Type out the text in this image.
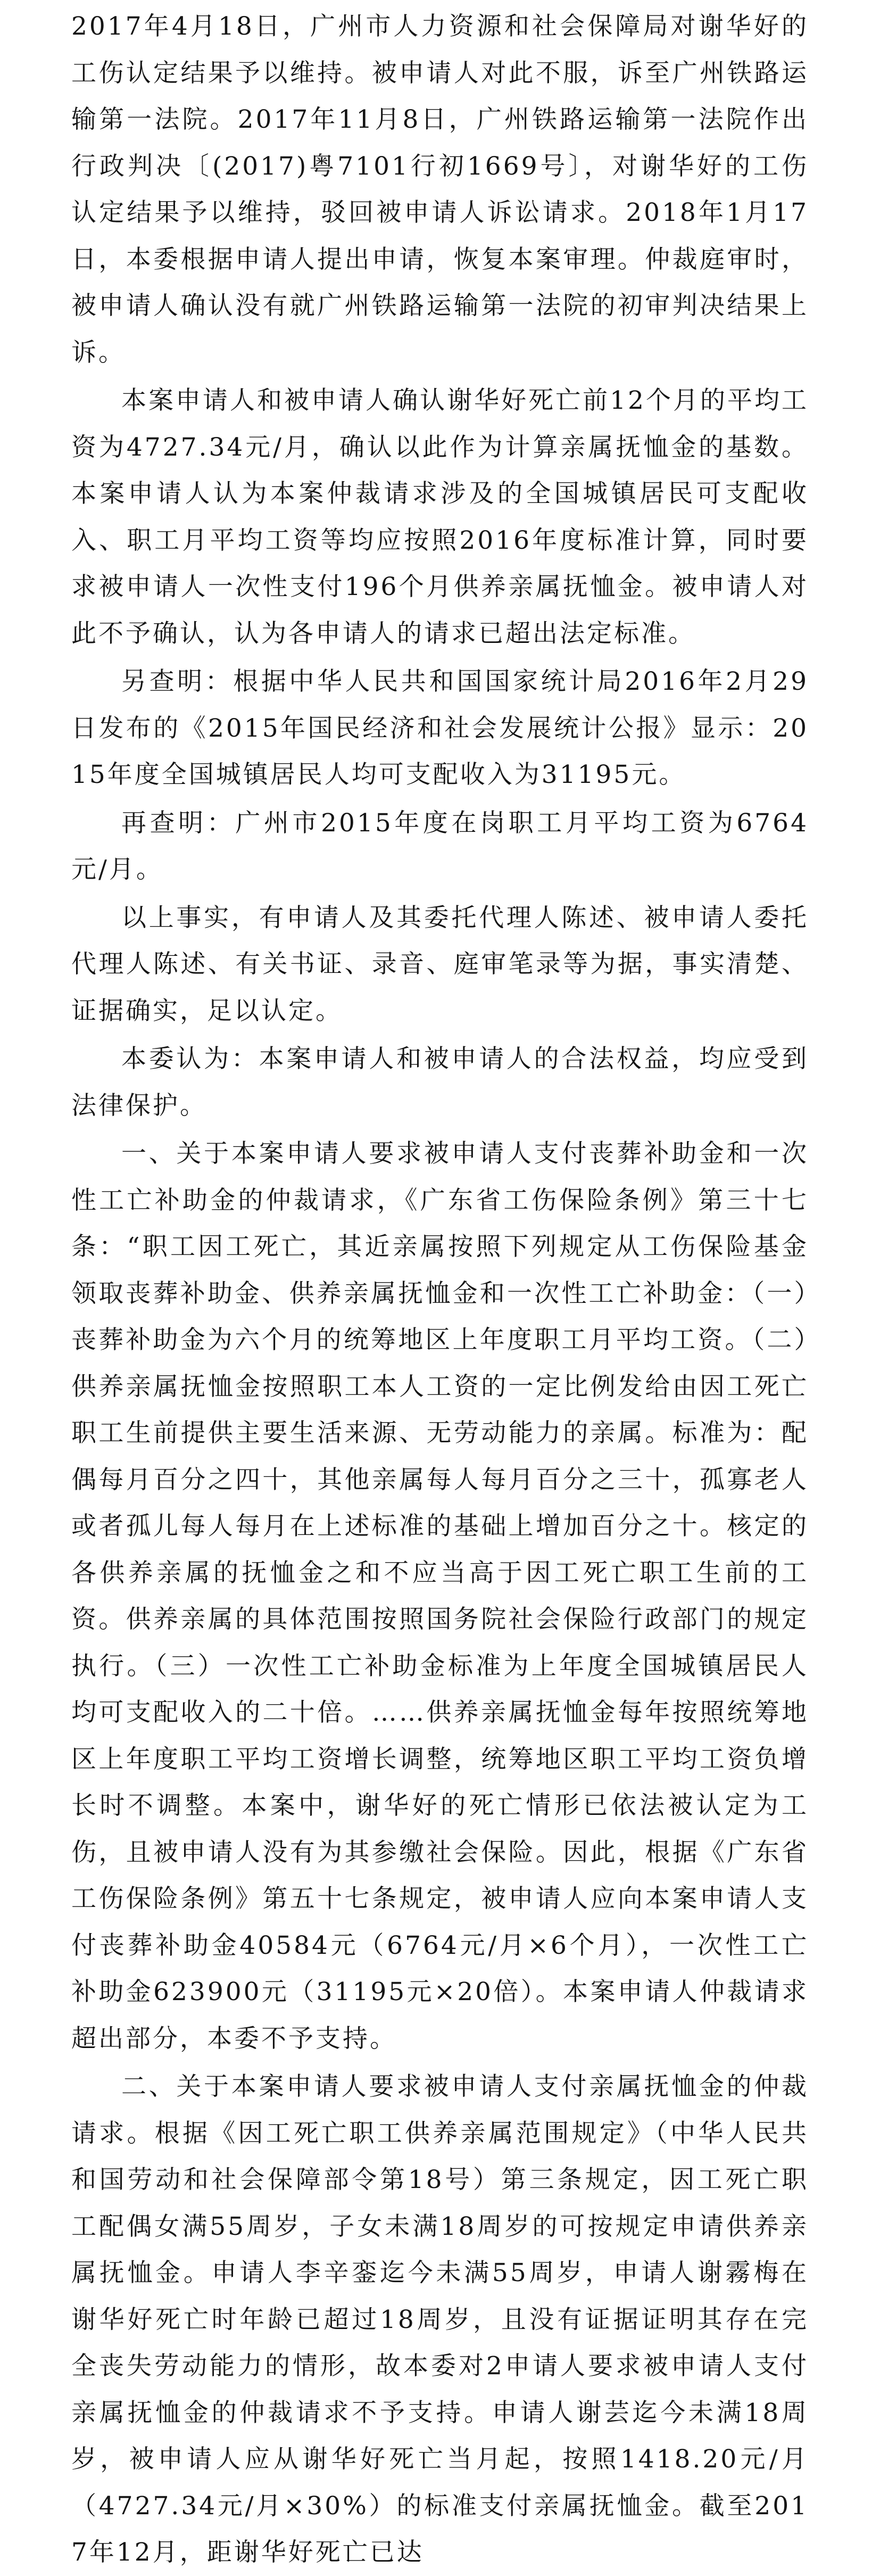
2017年4月18日，广州市人力资源和社会保障局对谢华好的工伤认定结果予以维持。被申请人对此不服，诉至广州铁路运输第一法院。2017年11月8日，广州铁路运输第一法院作出行政判决〔(2017)粤7101行初1669号〕，对谢华好的工伤认定结果予以维持，驳回被申请人诉讼请求。2018年1月17日，本委根据申请人提出申请，恢复本案审理。仲裁庭审时，被申请人确认没有就广州铁路运输第一法院的初审判决结果上诉。

本案申请人和被申请人确认谢华好死亡前12个月的平均工资为4727.34元/月，确认以此作为计算亲属抚恤金的基数。本案申请人认为本案仲裁请求涉及的全国城镇居民可支配收入、职工月平均工资等均应按照2016年度标准计算，同时要求被申请人一次性支付196个月供养亲属抚恤金。被申请人对此不予确认，认为各申请人的请求已超出法定标准。

另查明：根据中华人民共和国国家统计局2016年2月29日发布的《2015年国民经济和社会发展统计公报》显示：2015年度全国城镇居民人均可支配收入为31195元。

再查明：广州市2015年度在岗职工月平均工资为6764元/月。

以上事实，有申请人及其委托代理人陈述、被申请人委托代理人陈述、有关书证、录音、庭审笔录等为据，事实清楚、证据确实，足以认定。

本委认为：本案申请人和被申请人的合法权益，均应受到法律保护。

一、关于本案申请人要求被申请人支付丧葬补助金和一次性工亡补助金的仲裁请求，《广东省工伤保险条例》第三十七条：“职工因工死亡，其近亲属按照下列规定从工伤保险基金领取丧葬补助金、供养亲属抚恤金和一次性工亡补助金：（一）丧葬补助金为六个月的统筹地区上年度职工月平均工资。（二）供养亲属抚恤金按照职工本人工资的一定比例发给由因工死亡职工生前提供主要生活来源、无劳动能力的亲属。标准为：配偶每月百分之四十，其他亲属每人每月百分之三十，孤寡老人或者孤儿每人每月在上述标准的基础上增加百分之十。核定的各供养亲属的抚恤金之和不应当高于因工死亡职工生前的工资。供养亲属的具体范围按照国务院社会保险行政部门的规定执行。（三）一次性工亡补助金标准为上年度全国城镇居民人均可支配收入的二十倍。……供养亲属抚恤金每年按照统筹地区上年度职工平均工资增长调整，统筹地区职工平均工资负增长时不调整。本案中，谢华好的死亡情形已依法被认定为工伤，且被申请人没有为其参缴社会保险。因此，根据《广东省工伤保险条例》第五十七条规定，被申请人应向本案申请人支付丧葬补助金40584元（6764元/月×6个月），一次性工亡补助金623900元（31195元×20倍）。本案申请人仲裁请求超出部分，本委不予支持。

二、关于本案申请人要求被申请人支付亲属抚恤金的仲裁请求。根据《因工死亡职工供养亲属范围规定》（中华人民共和国劳动和社会保障部令第18号）第三条规定，因工死亡职工配偶女满55周岁，子女未满18周岁的可按规定申请供养亲属抚恤金。申请人李辛銮迄今未满55周岁，申请人谢霧梅在谢华好死亡时年龄已超过18周岁，且没有证据证明其存在完全丧失劳动能力的情形，故本委对2申请人要求被申请人支付亲属抚恤金的仲裁请求不予支持。申请人谢芸迄今未满18周岁，被申请人应从谢华好死亡当月起，按照1418.20元/月（4727.34元/月×30%）的标准支付亲属抚恤金。截至2017年12月，距谢华好死亡已达
